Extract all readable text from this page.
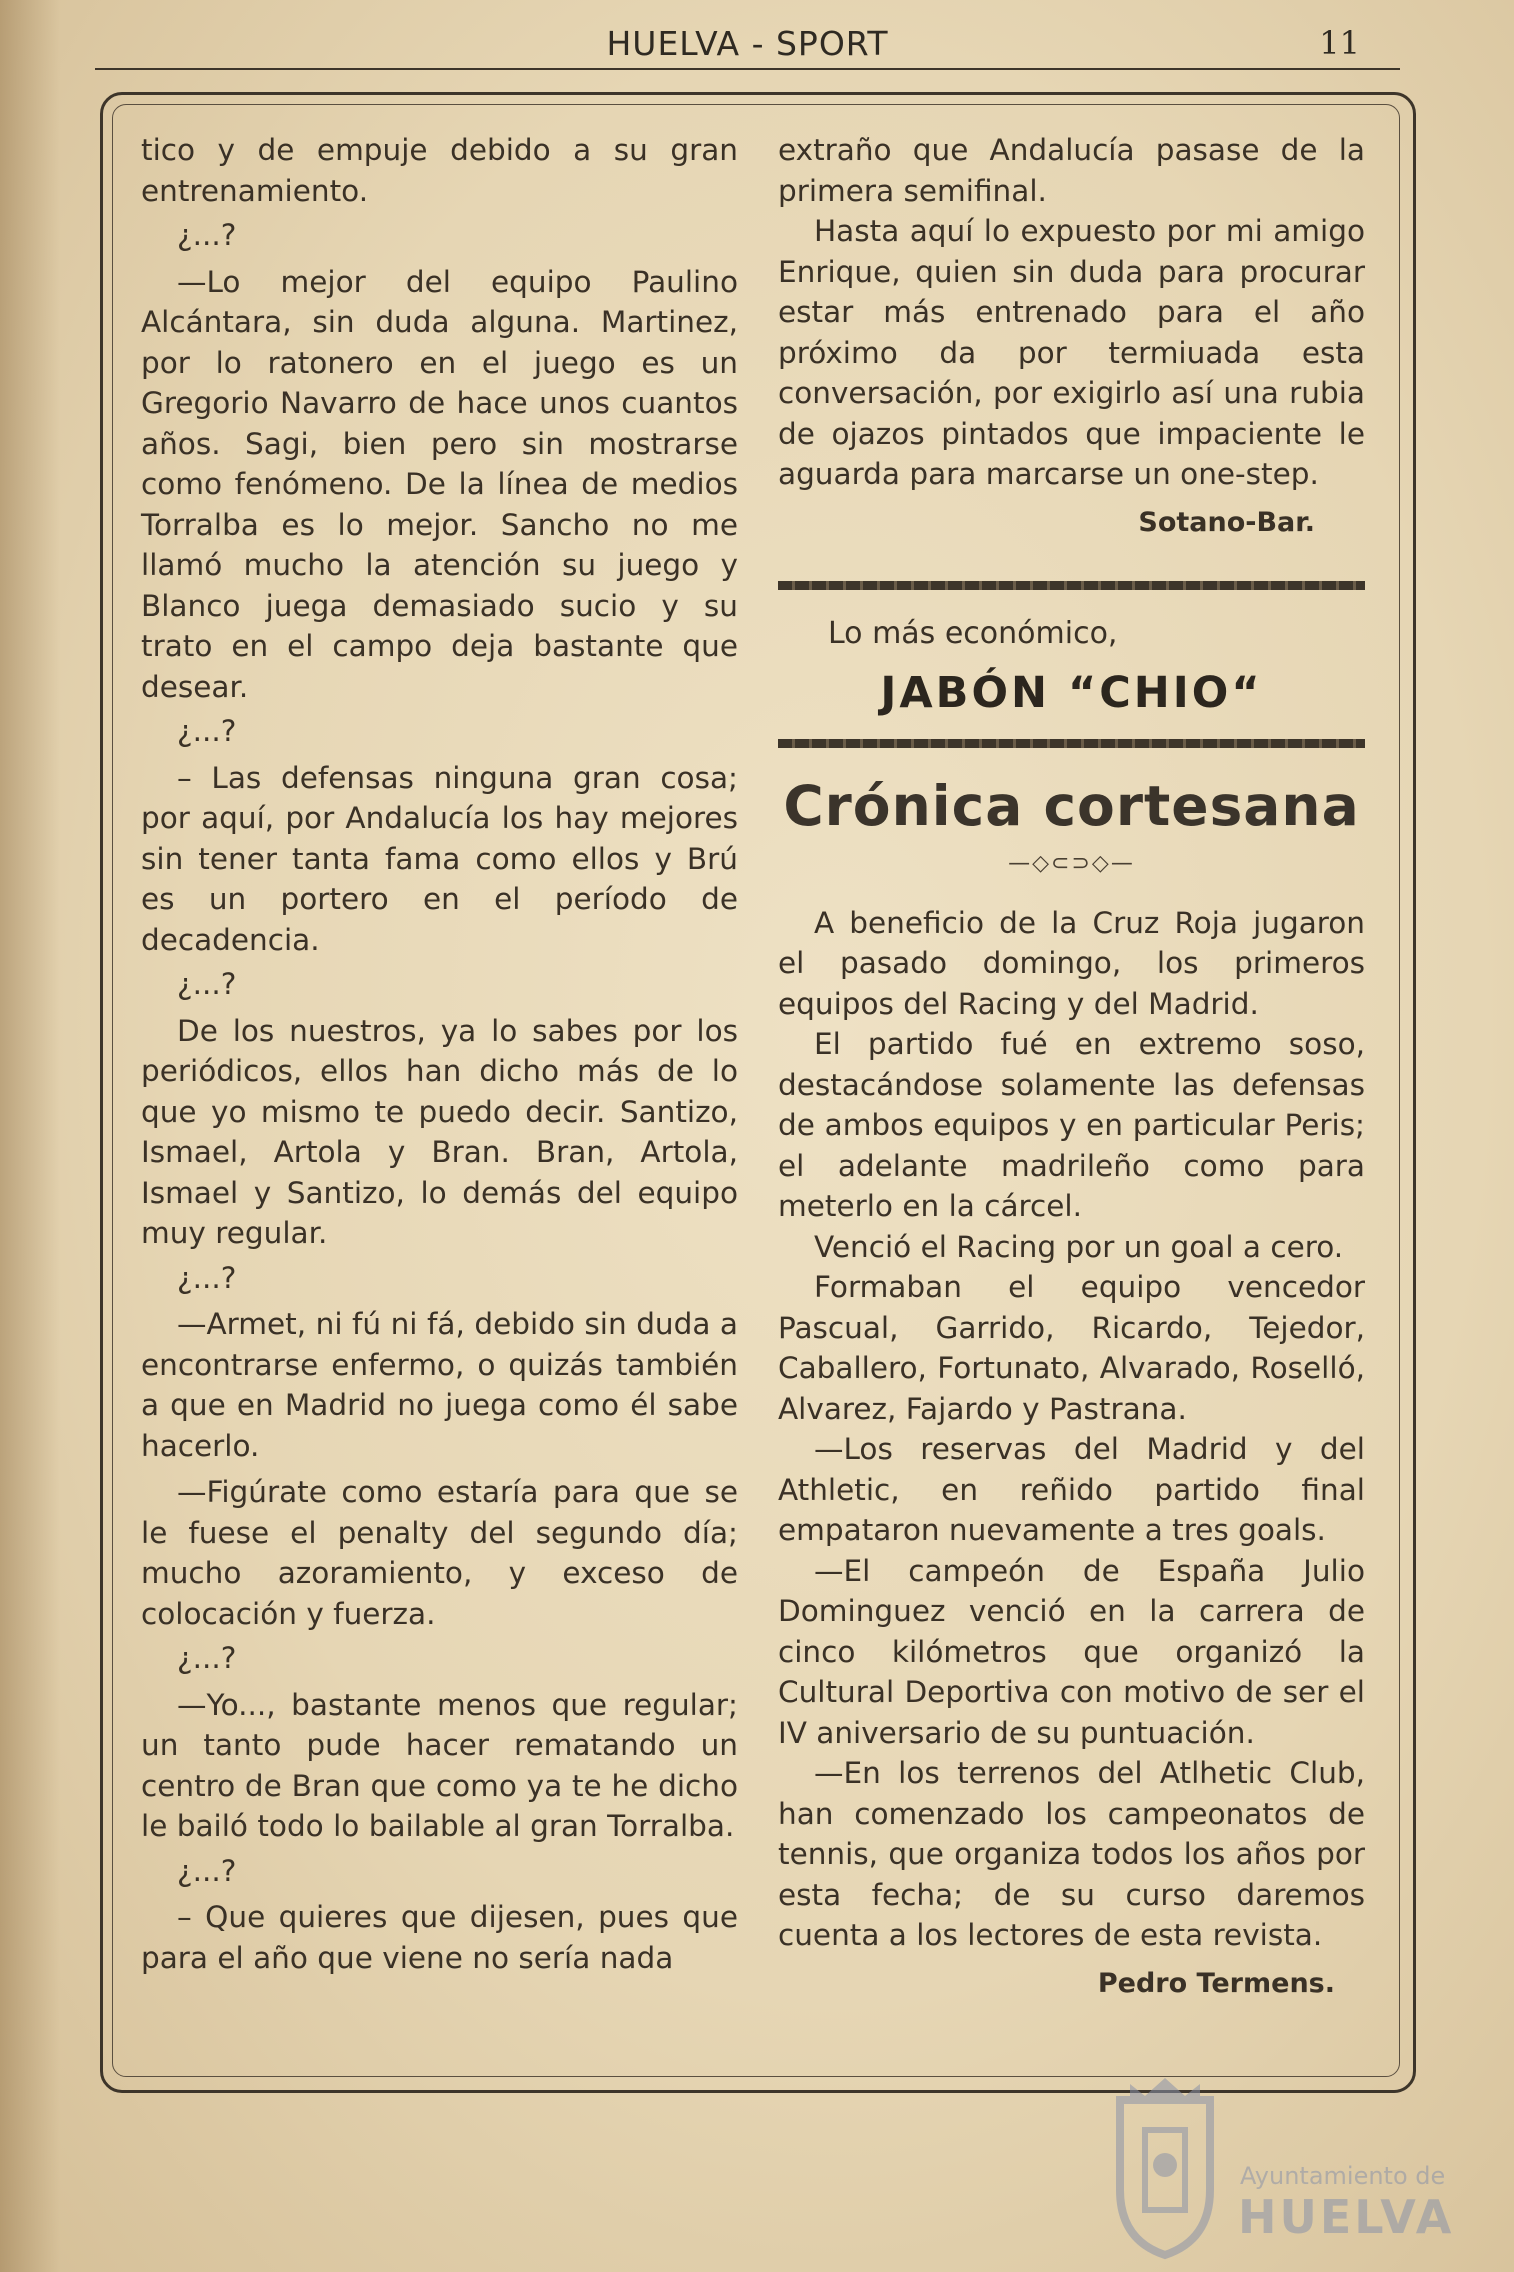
HUELVA - SPORT	11

tico y de empuje debido a su gran entrenamiento.

¿...?

—Lo mejor del equipo Paulino Alcántara, sin duda alguna. Martinez, por lo ratonero en el juego es un Gregorio Navarro de hace unos cuantos años. Sagi, bien pero sin mostrarse como fenómeno. De la línea de medios Torralba es lo mejor. Sancho no me llamó mucho la atención su juego y Blanco juega demasiado sucio y su trato en el campo deja bastante que desear.

¿...?

– Las defensas ninguna gran cosa; por aquí, por Andalucía los hay mejores sin tener tanta fama como ellos y Brú es un portero en el período de decadencia.

¿...?

De los nuestros, ya lo sabes por los periódicos, ellos han dicho más de lo que yo mismo te puedo decir. Santizo, Ismael, Artola y Bran. Bran, Artola, Ismael y Santizo, lo demás del equipo muy regular.

¿...?

—Armet, ni fú ni fá, debido sin duda a encontrarse enfermo, o quizás también a que en Madrid no juega como él sabe hacerlo.

—Figúrate como estaría para que se le fuese el penalty del segundo día; mucho azoramiento, y exceso de colocación y fuerza.

¿...?

—Yo..., bastante menos que regular; un tanto pude hacer rematando un centro de Bran que como ya te he dicho le bailó todo lo bailable al gran Torralba.

¿...?

– Que quieres que dijesen, pues que para el año que viene no sería nada

extraño que Andalucía pasase de la primera semifinal.

Hasta aquí lo expuesto por mi amigo Enrique, quien sin duda para procurar estar más entrenado para el año próximo da por termiuada esta conversación, por exigirlo así una rubia de ojazos pintados que impaciente le aguarda para marcarse un one-step.

Sotano-Bar.
Lo más económico,
JABÓN “CHIO“
Crónica cortesana
—◇⊂⊃◇—

A beneficio de la Cruz Roja jugaron el pasado domingo, los primeros equipos del Racing y del Madrid.

El partido fué en extremo soso, destacándose solamente las defensas de ambos equipos y en particular Peris; el adelante madrileño como para meterlo en la cárcel.

Venció el Racing por un goal a cero.

Formaban el equipo vencedor Pascual, Garrido, Ricardo, Tejedor, Caballero, Fortunato, Alvarado, Roselló, Alvarez, Fajardo y Pastrana.

—Los reservas del Madrid y del Athletic, en reñido partido final empataron nuevamente a tres goals.

—El campeón de España Julio Dominguez venció en la carrera de cinco kilómetros que organizó la Cultural Deportiva con motivo de ser el IV aniversario de su puntuación.

—En los terrenos del Atlhetic Club, han comenzado los campeonatos de tennis, que organiza todos los años por esta fecha; de su curso daremos cuenta a los lectores de esta revista.

Pedro Termens.
Ayuntamiento de
HUELVA
